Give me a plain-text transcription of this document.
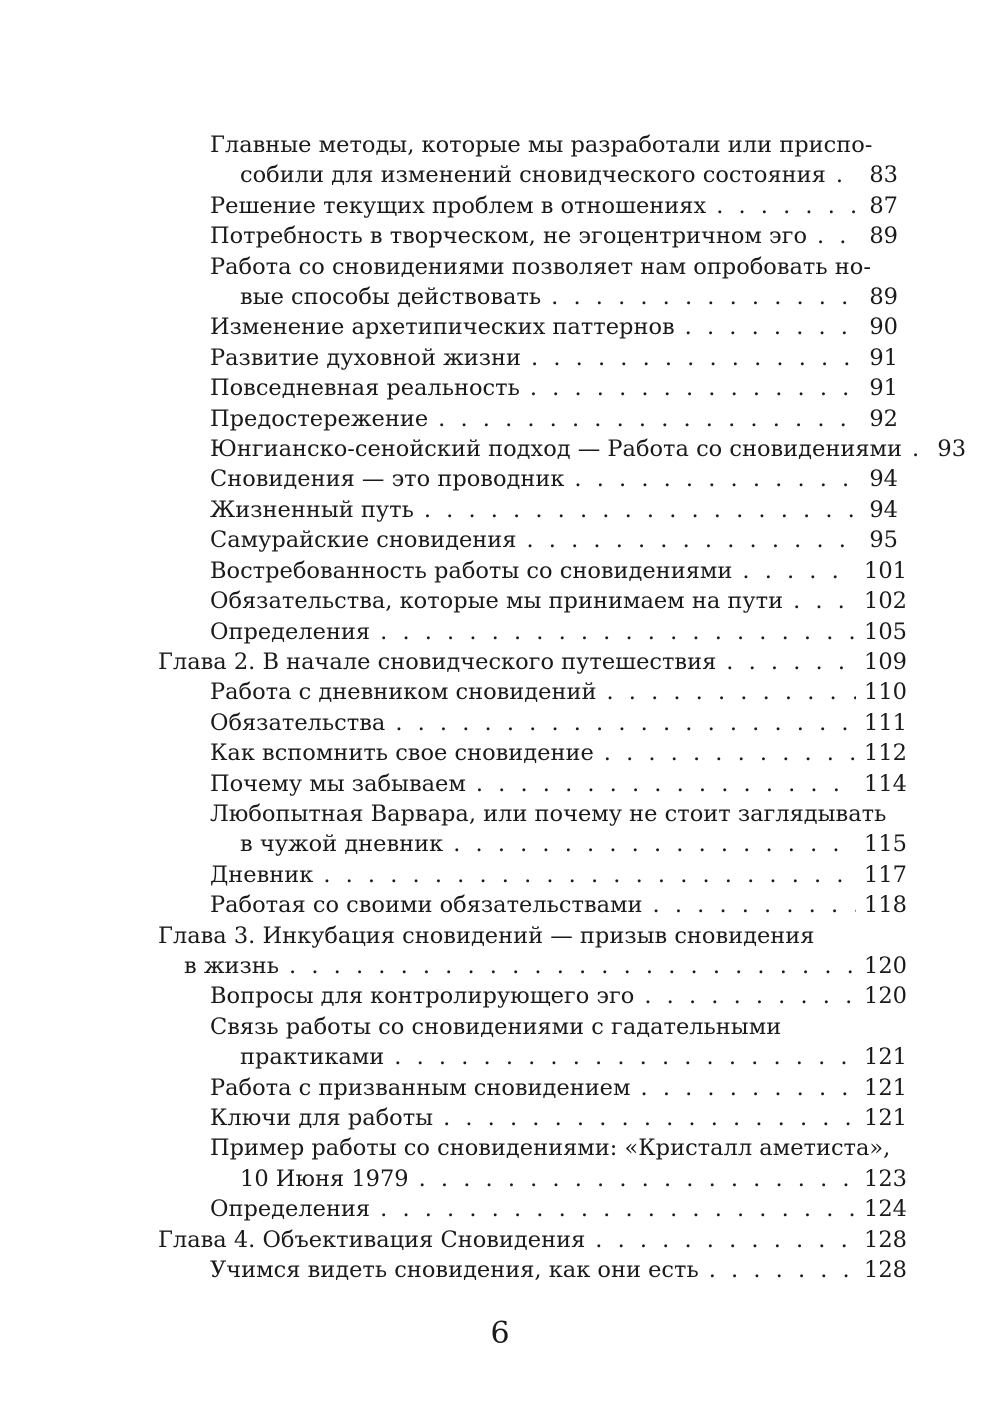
Главные методы, которые мы разработали или приспо-
собили для изменений сновидческого состояния . . . 83
Решение текущих проблем в отношениях . . .	87
Потребность в творческом, не эгоцентричном эго . . .	89
Работа со сновидениями позволяет нам опробовать но-
вые способы действовать . . .	89
Изменение архетипических паттернов . . .	90
Развитие духовной жизни . . .	91
Повседневная реальность . . .	91
Предостережение . . .	92
Юнгианско-сенойский подход — Работа со сновидениями . . . 93
Сновидения — это проводник . . .	94
Жизненный путь . . .	94
Самурайские сновидения . . .	95
Востребованность работы со сновидениями . . .	101
Обязательства, которые мы принимаем на пути . . .	102
Определения . . .	105
Глава 2. В начале сновидческого путешествия . . .	109
Работа с дневником сновидений . . .	110
Обязательства . . .	111
Как вспомнить свое сновидение . . .	112
Почему мы забываем . . .	114
Любопытная Варвара, или почему не стоит заглядывать
в чужой дневник . . .	115
Дневник . . .	117
Работая со своими обязательствами . . .	118
Глава 3. Инкубация сновидений — призыв сновидения
в жизнь . . .	120
Вопросы для контролирующего эго . . .	120
Связь работы со сновидениями с гадательными
практиками . . .	121
Работа с призванным сновидением . . .	121
Ключи для работы . . .	121
Пример работы со сновидениями: «Кристалл аметиста»,
10 Июня 1979 . . .	123
Определения . . .	124
Глава 4. Объективация Сновидения . . .	128
Учимся видеть сновидения, как они есть . . .	128
6
